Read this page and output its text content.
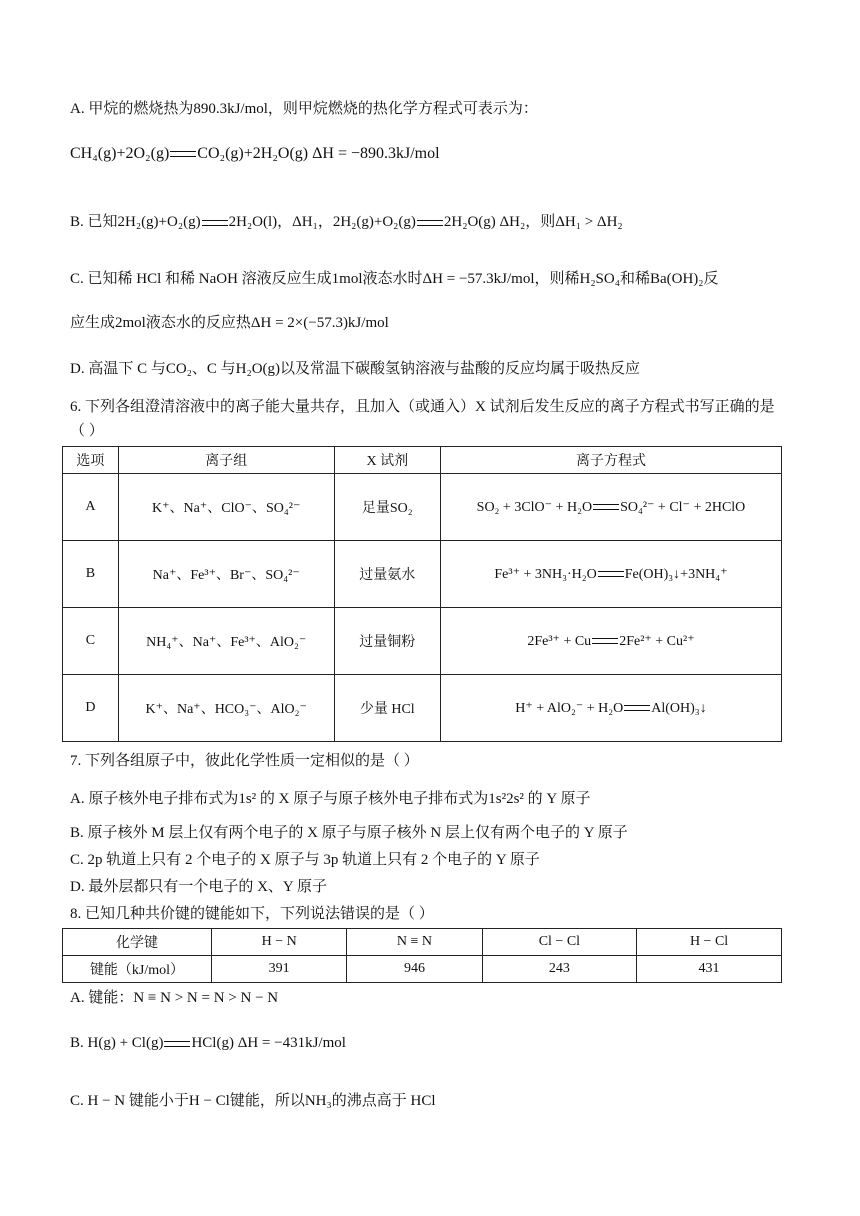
A. 甲烷的燃烧热为890.3kJ/mol，则甲烷燃烧的热化学方程式可表示为：
CH₄(g)+2O₂(g) CO₂(g)+2H₂O(g) ΔH = −890.3kJ/mol
B. 已知2H₂(g)+O₂(g) 2H₂O(l)，ΔH₁，2H₂(g)+O₂(g) 2H₂O(g) ΔH₂，则ΔH₁ > ΔH₂
C. 已知稀 HCl 和稀 NaOH 溶液反应生成1mol液态水时ΔH = −57.3kJ/mol，则稀H₂SO₄和稀Ba(OH)₂反
应生成2mol液态水的反应热ΔH = 2×(−57.3)kJ/mol
D. 高温下 C 与CO₂、C 与H₂O(g)以及常温下碳酸氢钠溶液与盐酸的反应均属于吸热反应
6. 下列各组澄清溶液中的离子能大量共存，且加入（或通入）X 试剂后发生反应的离子方程式书写正确的是
（ ）
选项	离子组	X 试剂	离子方程式
A	K⁺、Na⁺、ClO⁻、SO₄²⁻	足量SO₂	SO₂ + 3ClO⁻ + H₂O SO₄²⁻ + Cl⁻ + 2HClO
B	Na⁺、Fe³⁺、Br⁻、SO₄²⁻	过量氨水	Fe³⁺ + 3NH₃·H₂O Fe(OH)₃↓+3NH₄⁺
C	NH₄⁺、Na⁺、Fe³⁺、AlO₂⁻	过量铜粉	2Fe³⁺ + Cu 2Fe²⁺ + Cu²⁺
D	K⁺、Na⁺、HCO₃⁻、AlO₂⁻	少量 HCl	H⁺ + AlO₂⁻ + H₂O Al(OH)₃↓
7. 下列各组原子中，彼此化学性质一定相似的是（ ）
A. 原子核外电子排布式为1s² 的 X 原子与原子核外电子排布式为1s²2s² 的 Y 原子
B. 原子核外 M 层上仅有两个电子的 X 原子与原子核外 N 层上仅有两个电子的 Y 原子
C. 2p 轨道上只有 2 个电子的 X 原子与 3p 轨道上只有 2 个电子的 Y 原子
D. 最外层都只有一个电子的 X、Y 原子
8. 已知几种共价键的键能如下，下列说法错误的是（ ）
化学键	H − N	N ≡ N	Cl − Cl	H − Cl
键能（kJ/mol）	391	946	243	431
A. 键能：N ≡ N > N = N > N − N
B. H(g) + Cl(g) HCl(g) ΔH = −431kJ/mol
C. H − N 键能小于H − Cl键能，所以NH₃的沸点高于 HCl
